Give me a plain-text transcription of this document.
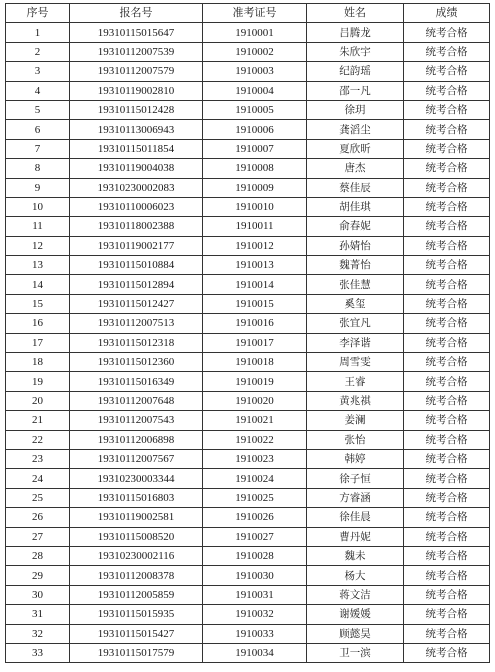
序号	报名号	准考证号	姓名	成绩
1	19310115015647	1910001	吕腾龙	统考合格
2	19310112007539	1910002	朱欣宇	统考合格
3	19310112007579	1910003	纪韵瑶	统考合格
4	19310119002810	1910004	邵一凡	统考合格
5	19310115012428	1910005	徐玥	统考合格
6	19310113006943	1910006	龚滔尘	统考合格
7	19310115011854	1910007	夏欣昕	统考合格
8	19310119004038	1910008	唐杰	统考合格
9	19310230002083	1910009	蔡佳辰	统考合格
10	19310110006023	1910010	胡佳琪	统考合格
11	19310118002388	1910011	俞春妮	统考合格
12	19310119002177	1910012	孙婧怡	统考合格
13	19310115010884	1910013	魏菁怡	统考合格
14	19310115012894	1910014	张佳慧	统考合格
15	19310115012427	1910015	奚玺	统考合格
16	19310112007513	1910016	张宜凡	统考合格
17	19310115012318	1910017	李泽谐	统考合格
18	19310115012360	1910018	周雪雯	统考合格
19	19310115016349	1910019	王睿	统考合格
20	19310112007648	1910020	黄兆祺	统考合格
21	19310112007543	1910021	姜澜	统考合格
22	19310112006898	1910022	张怡	统考合格
23	19310112007567	1910023	韩婷	统考合格
24	19310230003344	1910024	徐子恒	统考合格
25	19310115016803	1910025	方睿涵	统考合格
26	19310119002581	1910026	徐佳晨	统考合格
27	19310115008520	1910027	曹丹妮	统考合格
28	19310230002116	1910028	魏未	统考合格
29	19310112008378	1910030	杨大	统考合格
30	19310112005859	1910031	蒋文洁	统考合格
31	19310115015935	1910032	谢媛媛	统考合格
32	19310115015427	1910033	顾懿昊	统考合格
33	19310115017579	1910034	卫一滨	统考合格
